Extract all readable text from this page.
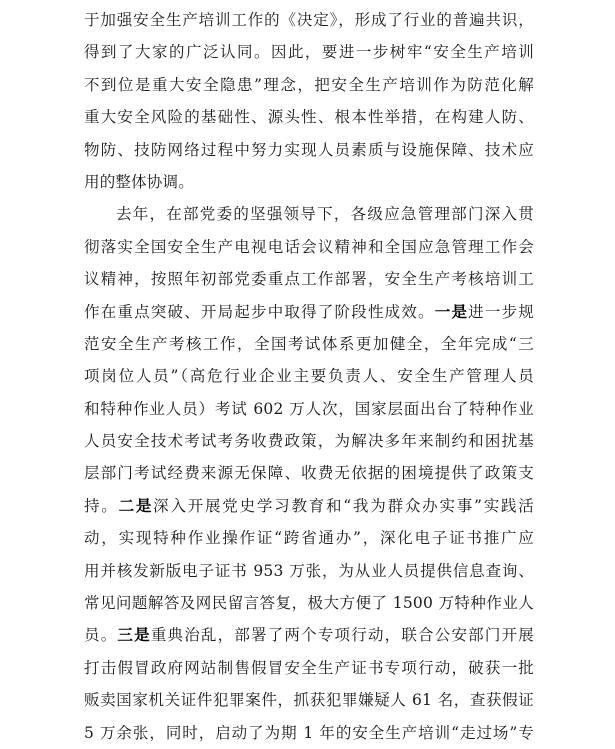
于加强安全生产培训工作的《决定》，形成了行业的普遍共识，
得到了大家的广泛认同。因此，要进一步树牢“安全生产培训
不到位是重大安全隐患”理念，把安全生产培训作为防范化解
重大安全风险的基础性、源头性、根本性举措，在构建人防、
物防、技防网络过程中努力实现人员素质与设施保障、技术应
用的整体协调。
去年，在部党委的坚强领导下，各级应急管理部门深入贯
彻落实全国安全生产电视电话会议精神和全国应急管理工作会
议精神，按照年初部党委重点工作部署，安全生产考核培训工
作在重点突破、开局起步中取得了阶段性成效。一是进一步规
范安全生产考核工作，全国考试体系更加健全，全年完成“三
项岗位人员”（高危行业企业主要负责人、安全生产管理人员
和特种作业人员）考试 602 万人次，国家层面出台了特种作业
人员安全技术考试考务收费政策，为解决多年来制约和困扰基
层部门考试经费来源无保障、收费无依据的困境提供了政策支
持。二是深入开展党史学习教育和“我为群众办实事”实践活
动，实现特种作业操作证“跨省通办”，深化电子证书推广应
用并核发新版电子证书 953 万张，为从业人员提供信息查询、
常见问题解答及网民留言答复，极大方便了 1500 万特种作业人
员。三是重典治乱，部署了两个专项行动，联合公安部门开展
打击假冒政府网站制售假冒安全生产证书专项行动，破获一批
贩卖国家机关证件犯罪案件，抓获犯罪嫌疑人 61 名，查获假证
5 万余张，同时，启动了为期 1 年的安全生产培训“走过场”专
